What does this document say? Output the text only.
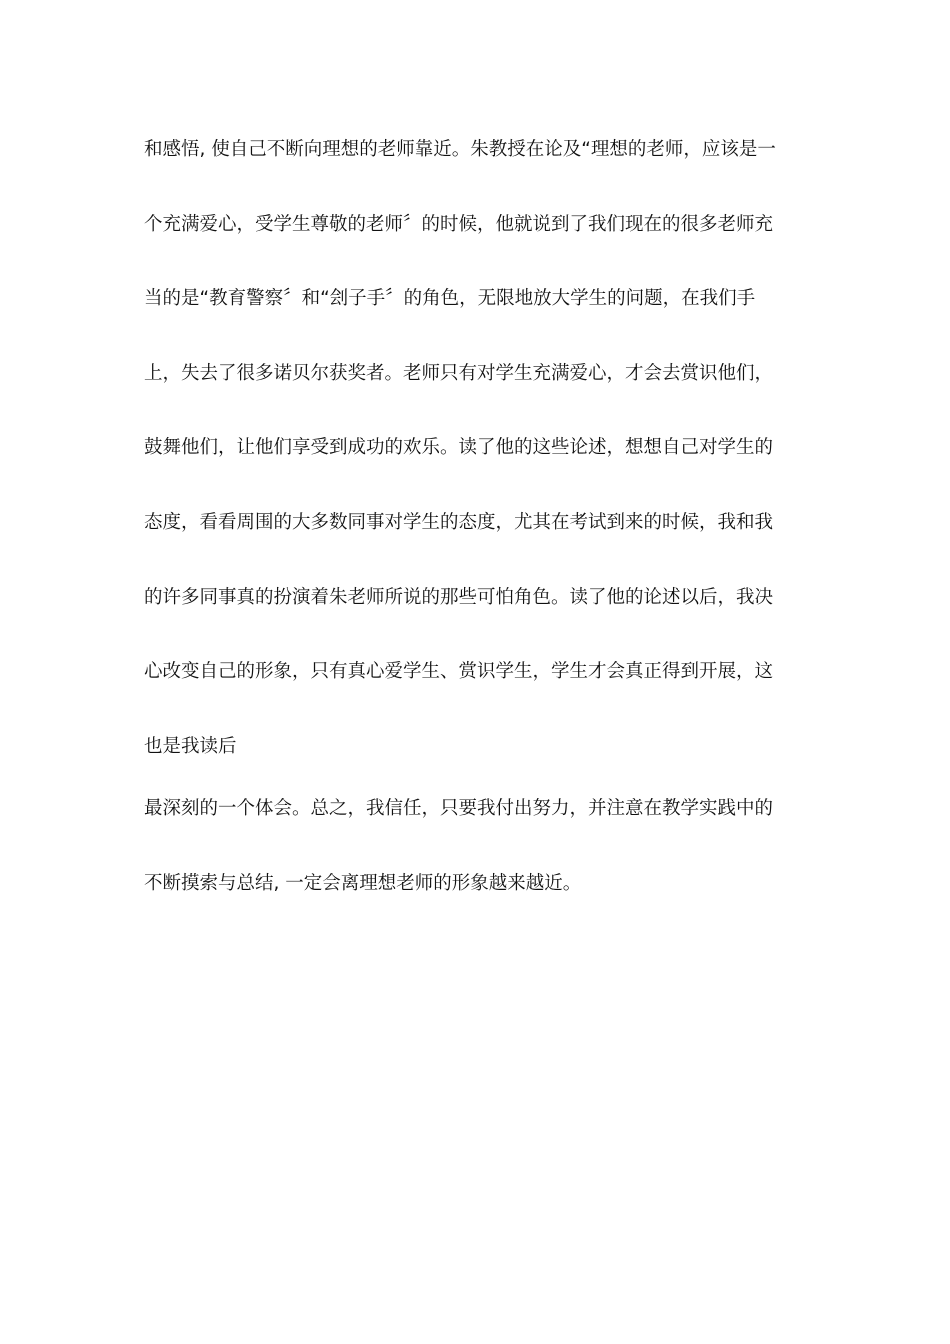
和感悟, 使自己不断向理想的老师靠近。朱教授在论及“理想的老师，应该是一
个充满爱心，受学生尊敬的老师〞的时候，他就说到了我们现在的很多老师充
当的是“教育警察〞和“刽子手〞的角色，无限地放大学生的问题，在我们手
上，失去了很多诺贝尔获奖者。老师只有对学生充满爱心，才会去赏识他们，
鼓舞他们，让他们享受到成功的欢乐。读了他的这些论述，想想自己对学生的
态度，看看周围的大多数同事对学生的态度，尤其在考试到来的时候，我和我
的许多同事真的扮演着朱老师所说的那些可怕角色。读了他的论述以后，我决
心改变自己的形象，只有真心爱学生、赏识学生，学生才会真正得到开展，这
也是我读后
最深刻的一个体会。总之，我信任，只要我付出努力，并注意在教学实践中的
不断摸索与总结, 一定会离理想老师的形象越来越近。
